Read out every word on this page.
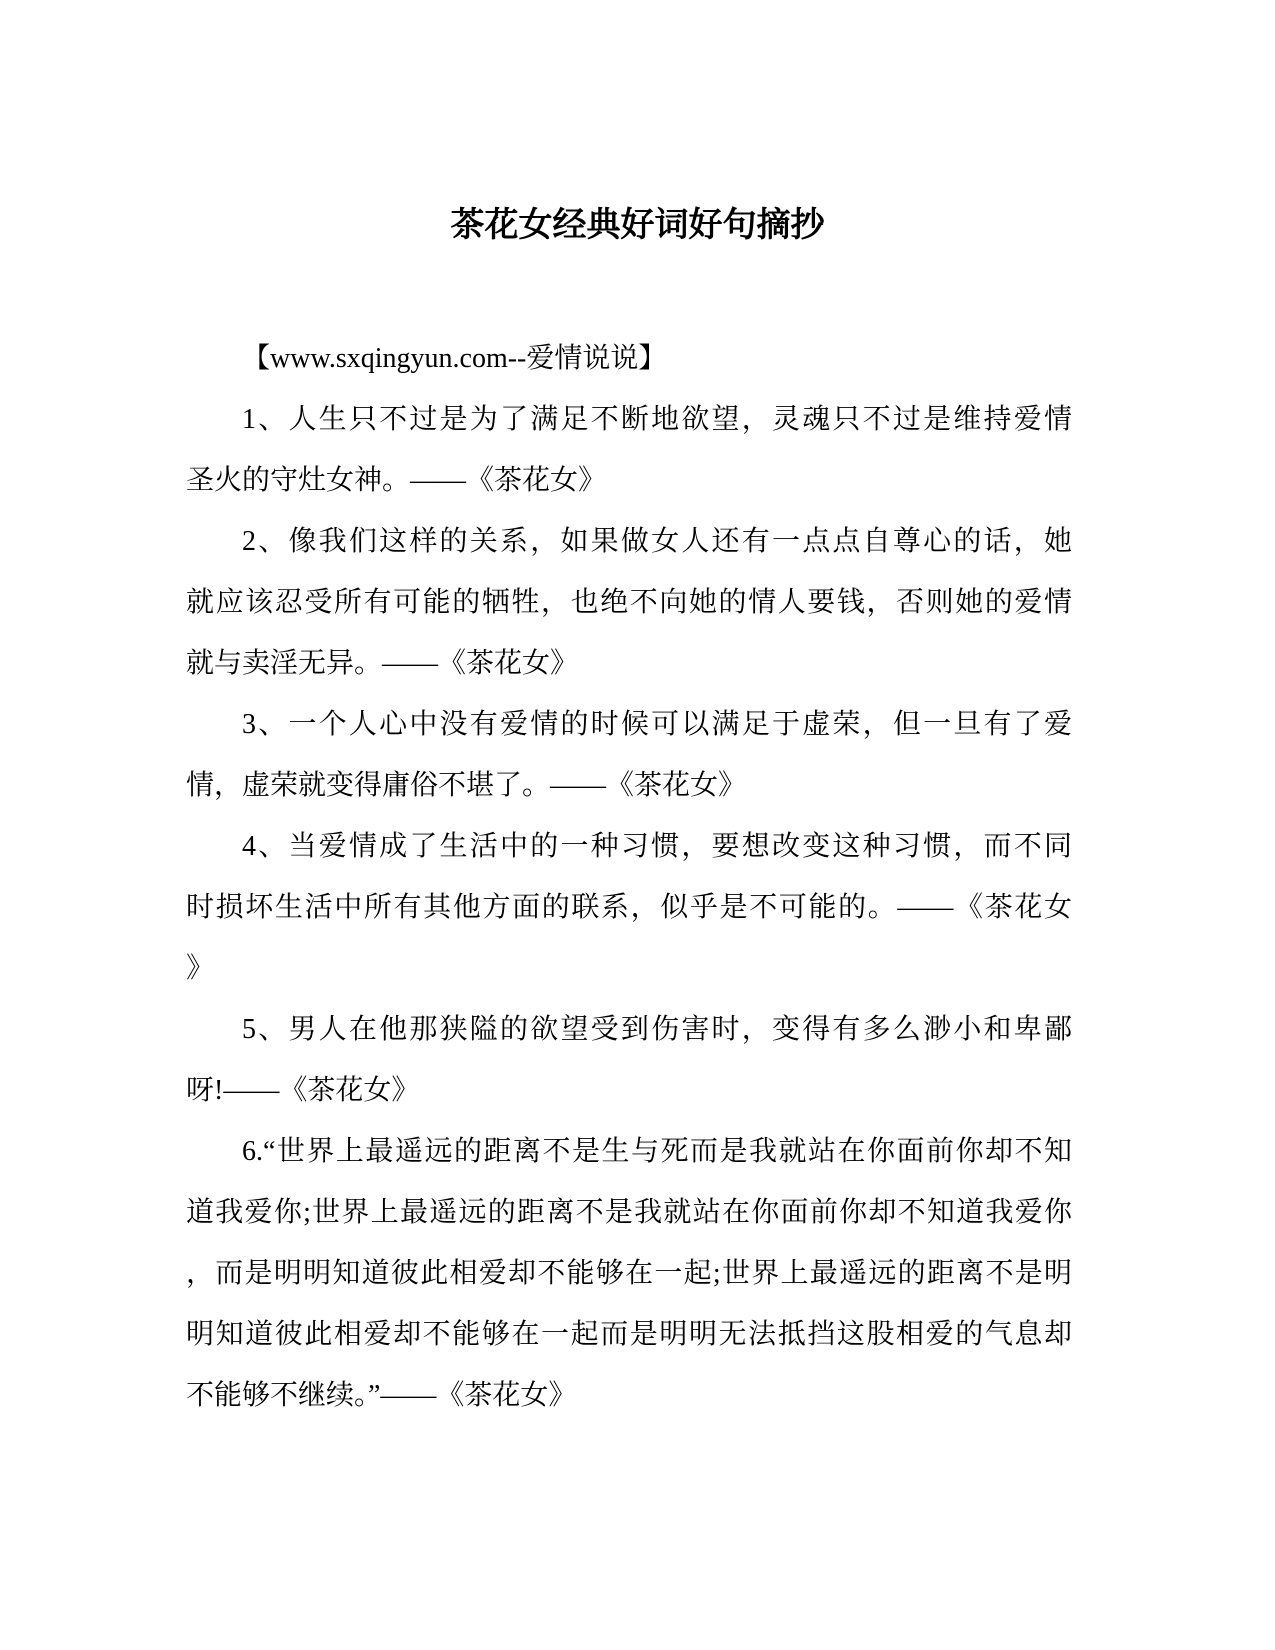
茶花女经典好词好句摘抄
【www.sxqingyun.com--爱情说说】
1、人生只不过是为了满足不断地欲望，灵魂只不过是维持爱情
圣火的守灶女神。——《茶花女》
2、像我们这样的关系，如果做女人还有一点点自尊心的话，她
就应该忍受所有可能的牺牲，也绝不向她的情人要钱，否则她的爱情
就与卖淫无异。——《茶花女》
3、一个人心中没有爱情的时候可以满足于虚荣，但一旦有了爱
情，虚荣就变得庸俗不堪了。——《茶花女》
4、当爱情成了生活中的一种习惯，要想改变这种习惯，而不同
时损坏生活中所有其他方面的联系，似乎是不可能的。——《茶花女
》
5、男人在他那狭隘的欲望受到伤害时，变得有多么渺小和卑鄙
呀!——《茶花女》
6.“世界上最遥远的距离不是生与死而是我就站在你面前你却不知
道我爱你;世界上最遥远的距离不是我就站在你面前你却不知道我爱你
，而是明明知道彼此相爱却不能够在一起;世界上最遥远的距离不是明
明知道彼此相爱却不能够在一起而是明明无法抵挡这股相爱的气息却
不能够不继续。”——《茶花女》
